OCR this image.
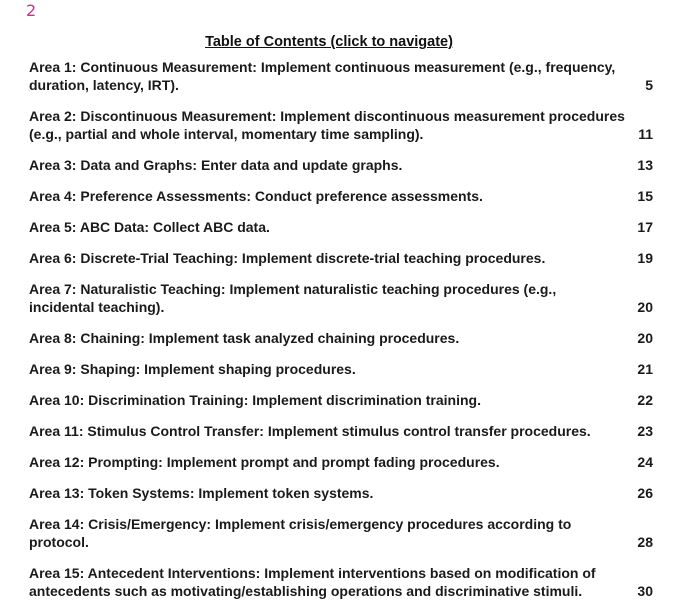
2
Table of Contents (click to navigate)
Area 1: Continuous Measurement: Implement continuous measurement (e.g., frequency, duration, latency, IRT).	5
Area 2: Discontinuous Measurement: Implement discontinuous measurement procedures (e.g., partial and whole interval, momentary time sampling).	11
Area 3: Data and Graphs: Enter data and update graphs.	13
Area 4: Preference Assessments: Conduct preference assessments.	15
Area 5: ABC Data: Collect ABC data.	17
Area 6: Discrete-Trial Teaching: Implement discrete-trial teaching procedures.	19
Area 7: Naturalistic Teaching: Implement naturalistic teaching procedures (e.g., incidental teaching).	20
Area 8: Chaining: Implement task analyzed chaining procedures.	20
Area 9: Shaping: Implement shaping procedures.	21
Area 10: Discrimination Training: Implement discrimination training.	22
Area 11: Stimulus Control Transfer: Implement stimulus control transfer procedures.	23
Area 12: Prompting: Implement prompt and prompt fading procedures.	24
Area 13: Token Systems: Implement token systems.	26
Area 14: Crisis/Emergency: Implement crisis/emergency procedures according to protocol.	28
Area 15: Antecedent Interventions: Implement interventions based on modification of antecedents such as motivating/establishing operations and discriminative stimuli.	30
